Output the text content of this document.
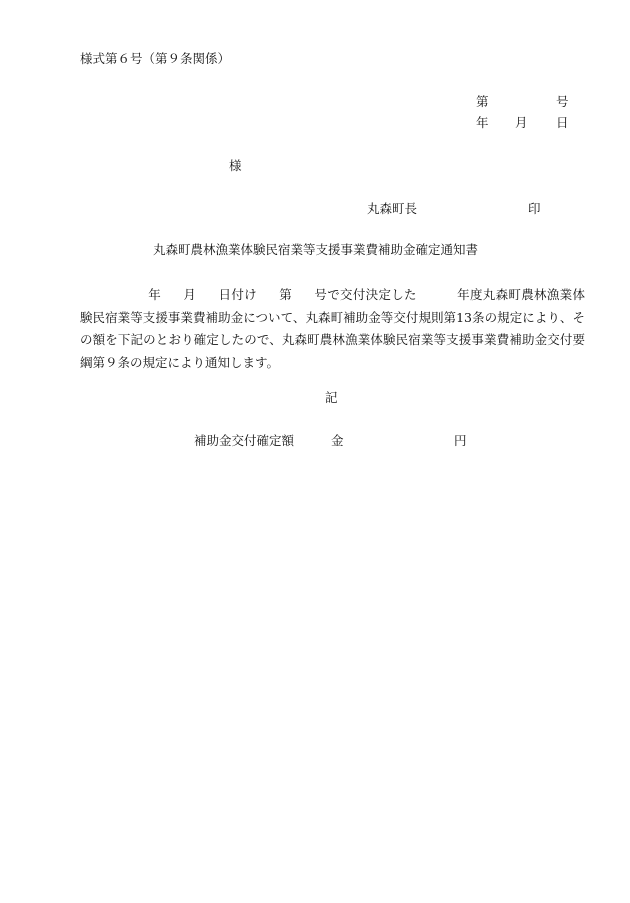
様式第６号（第９条関係）
第	号
年 月 日
様
丸森町長	印
丸森町農林漁業体験民宿業等支援事業費補助金確定通知書
年 月 日付け 第 号で交付決定した	年度丸森町農林漁業体験民宿業等支援事業費補助金について、丸森町補助金等交付規則第13条の規定により、その額を下記のとおり確定したので、丸森町農林漁業体験民宿業等支援事業費補助金交付要綱第９条の規定により通知します。
記
補助金交付確定額	金	円
